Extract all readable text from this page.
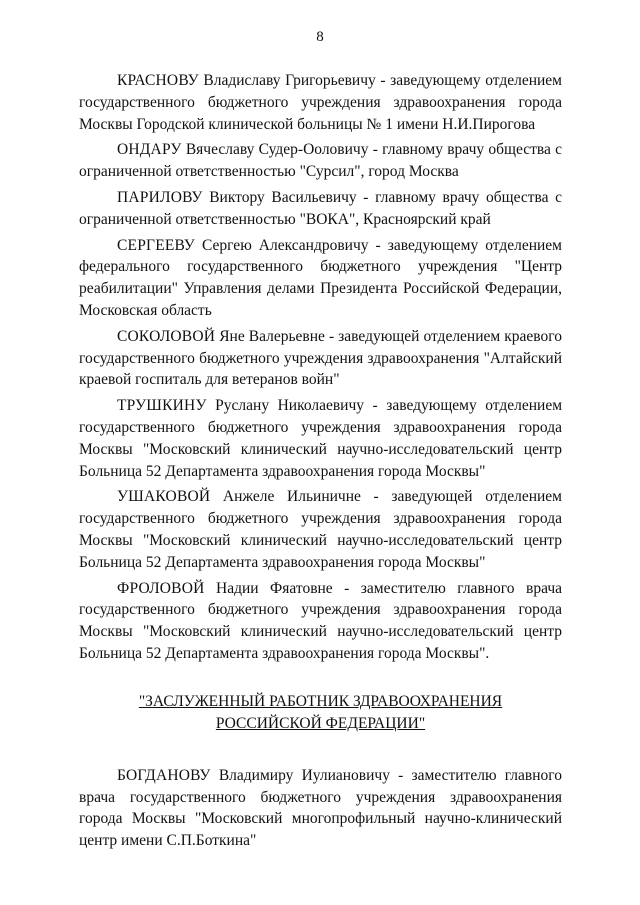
8

КРАСНОВУ Владиславу Григорьевичу - заведующему отделением государственного бюджетного учреждения здравоохранения города Москвы Городской клинической больницы № 1 имени Н.И.Пирогова

ОНДАРУ Вячеславу Судер-Ооловичу - главному врачу общества с ограниченной ответственностью "Сурсил", город Москва

ПАРИЛОВУ Виктору Васильевичу - главному врачу общества с ограниченной ответственностью "ВОКА", Красноярский край

СЕРГЕЕВУ Сергею Александровичу - заведующему отделением федерального государственного бюджетного учреждения "Центр реабилитации" Управления делами Президента Российской Федерации, Московская область

СОКОЛОВОЙ Яне Валерьевне - заведующей отделением краевого государственного бюджетного учреждения здравоохранения "Алтайский краевой госпиталь для ветеранов войн"

ТРУШКИНУ Руслану Николаевичу - заведующему отделением государственного бюджетного учреждения здравоохранения города Москвы "Московский клинический научно-исследовательский центр Больница 52 Департамента здравоохранения города Москвы"

УШАКОВОЙ Анжеле Ильиничне - заведующей отделением государственного бюджетного учреждения здравоохранения города Москвы "Московский клинический научно-исследовательский центр Больница 52 Департамента здравоохранения города Москвы"

ФРОЛОВОЙ Надии Фяатовне - заместителю главного врача государственного бюджетного учреждения здравоохранения города Москвы "Московский клинический научно-исследовательский центр Больница 52 Департамента здравоохранения города Москвы".

"ЗАСЛУЖЕННЫЙ РАБОТНИК ЗДРАВООХРАНЕНИЯ
РОССИЙСКОЙ ФЕДЕРАЦИИ"

БОГДАНОВУ Владимиру Иулиановичу - заместителю главного врача государственного бюджетного учреждения здравоохранения города Москвы "Московский многопрофильный научно-клинический центр имени С.П.Боткина"
